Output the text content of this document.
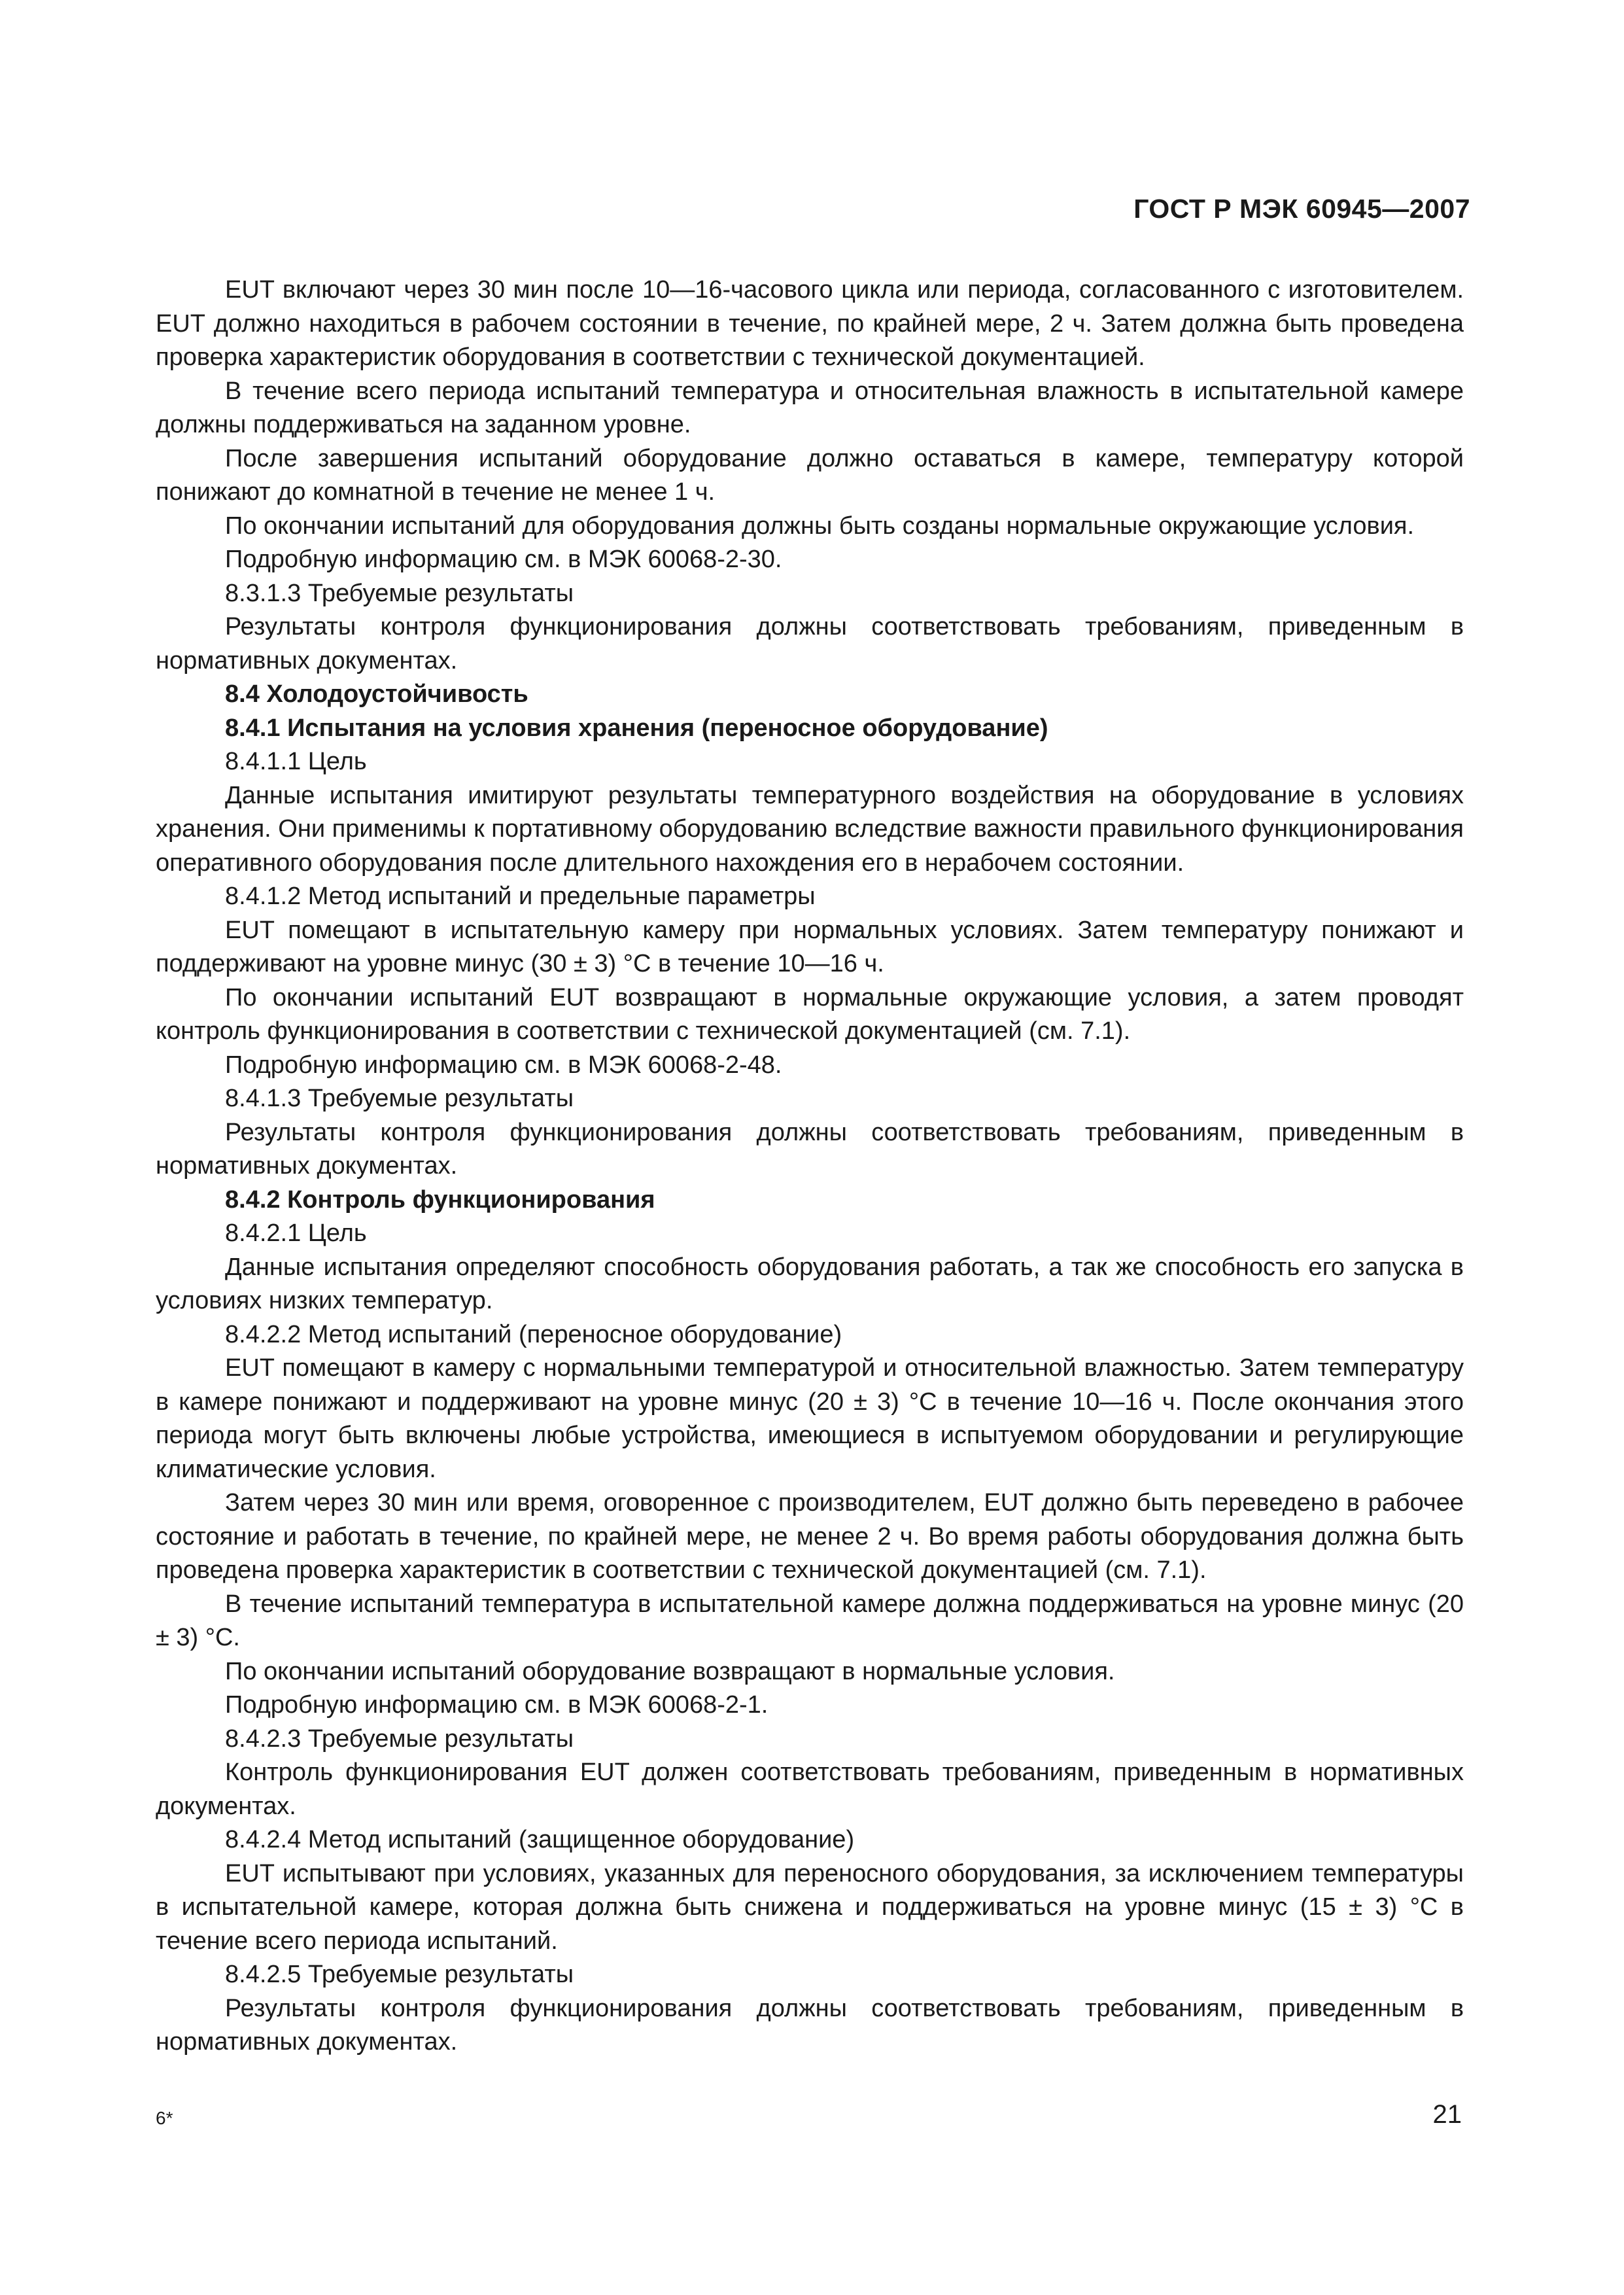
ГОСТ Р МЭК 60945—2007

EUT включают через 30 мин после 10—16-часового цикла или периода, согласованного с изготовителем. EUT должно находиться в рабочем состоянии в течение, по крайней мере, 2 ч. Затем должна быть проведена проверка характеристик оборудования в соответствии с технической документацией.

В течение всего периода испытаний температура и относительная влажность в испытательной камере должны поддерживаться на заданном уровне.

После завершения испытаний оборудование должно оставаться в камере, температуру которой понижают до комнатной в течение не менее 1 ч.

По окончании испытаний для оборудования должны быть созданы нормальные окружающие условия.

Подробную информацию см. в МЭК 60068-2-30.

8.3.1.3 Требуемые результаты

Результаты контроля функционирования должны соответствовать требованиям, приведенным в нормативных документах.

8.4 Холодоустойчивость

8.4.1 Испытания на условия хранения (переносное оборудование)

8.4.1.1 Цель

Данные испытания имитируют результаты температурного воздействия на оборудование в условиях хранения. Они применимы к портативному оборудованию вследствие важности правильного функционирования оперативного оборудования после длительного нахождения его в нерабочем состоянии.

8.4.1.2 Метод испытаний и предельные параметры

EUT помещают в испытательную камеру при нормальных условиях. Затем температуру понижают и поддерживают на уровне минус (30 ± 3) °С в течение 10—16 ч.

По окончании испытаний EUT возвращают в нормальные окружающие условия, а затем проводят контроль функционирования в соответствии с технической документацией (см. 7.1).

Подробную информацию см. в МЭК 60068-2-48.

8.4.1.3 Требуемые результаты

Результаты контроля функционирования должны соответствовать требованиям, приведенным в нормативных документах.

8.4.2 Контроль функционирования

8.4.2.1 Цель

Данные испытания определяют способность оборудования работать, а так же способность его запуска в условиях низких температур.

8.4.2.2 Метод испытаний (переносное оборудование)

EUT помещают в камеру с нормальными температурой и относительной влажностью. Затем температуру в камере понижают и поддерживают на уровне минус (20 ± 3) °С в течение 10—16 ч. После окончания этого периода могут быть включены любые устройства, имеющиеся в испытуемом оборудовании и регулирующие климатические условия.

Затем через 30 мин или время, оговоренное с производителем, EUT должно быть переведено в рабочее состояние и работать в течение, по крайней мере, не менее 2 ч. Во время работы оборудования должна быть проведена проверка характеристик в соответствии с технической документацией (см. 7.1).

В течение испытаний температура в испытательной камере должна поддерживаться на уровне минус (20 ± 3) °С.

По окончании испытаний оборудование возвращают в нормальные условия.

Подробную информацию см. в МЭК 60068-2-1.

8.4.2.3 Требуемые результаты

Контроль функционирования EUT должен соответствовать требованиям, приведенным в нормативных документах.

8.4.2.4 Метод испытаний (защищенное оборудование)

EUT испытывают при условиях, указанных для переносного оборудования, за исключением температуры в испытательной камере, которая должна быть снижена и поддерживаться на уровне минус (15 ± 3) °С в течение всего периода испытаний.

8.4.2.5 Требуемые результаты

Результаты контроля функционирования должны соответствовать требованиям, приведенным в нормативных документах.

6*	21
